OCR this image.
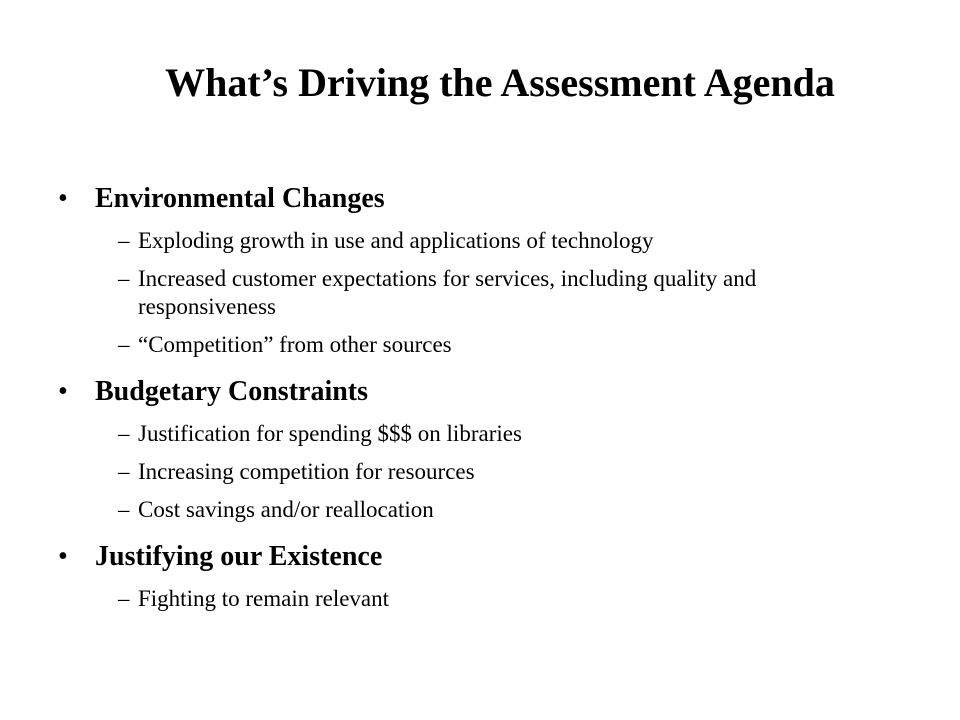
What’s Driving the Assessment Agenda
• Environmental Changes
– Exploding growth in use and applications of technology
– Increased customer expectations for services, including quality and responsiveness
– “Competition” from other sources
• Budgetary Constraints
– Justification for spending $$$ on libraries
– Increasing competition for resources
– Cost savings and/or reallocation
• Justifying our Existence
– Fighting to remain relevant
